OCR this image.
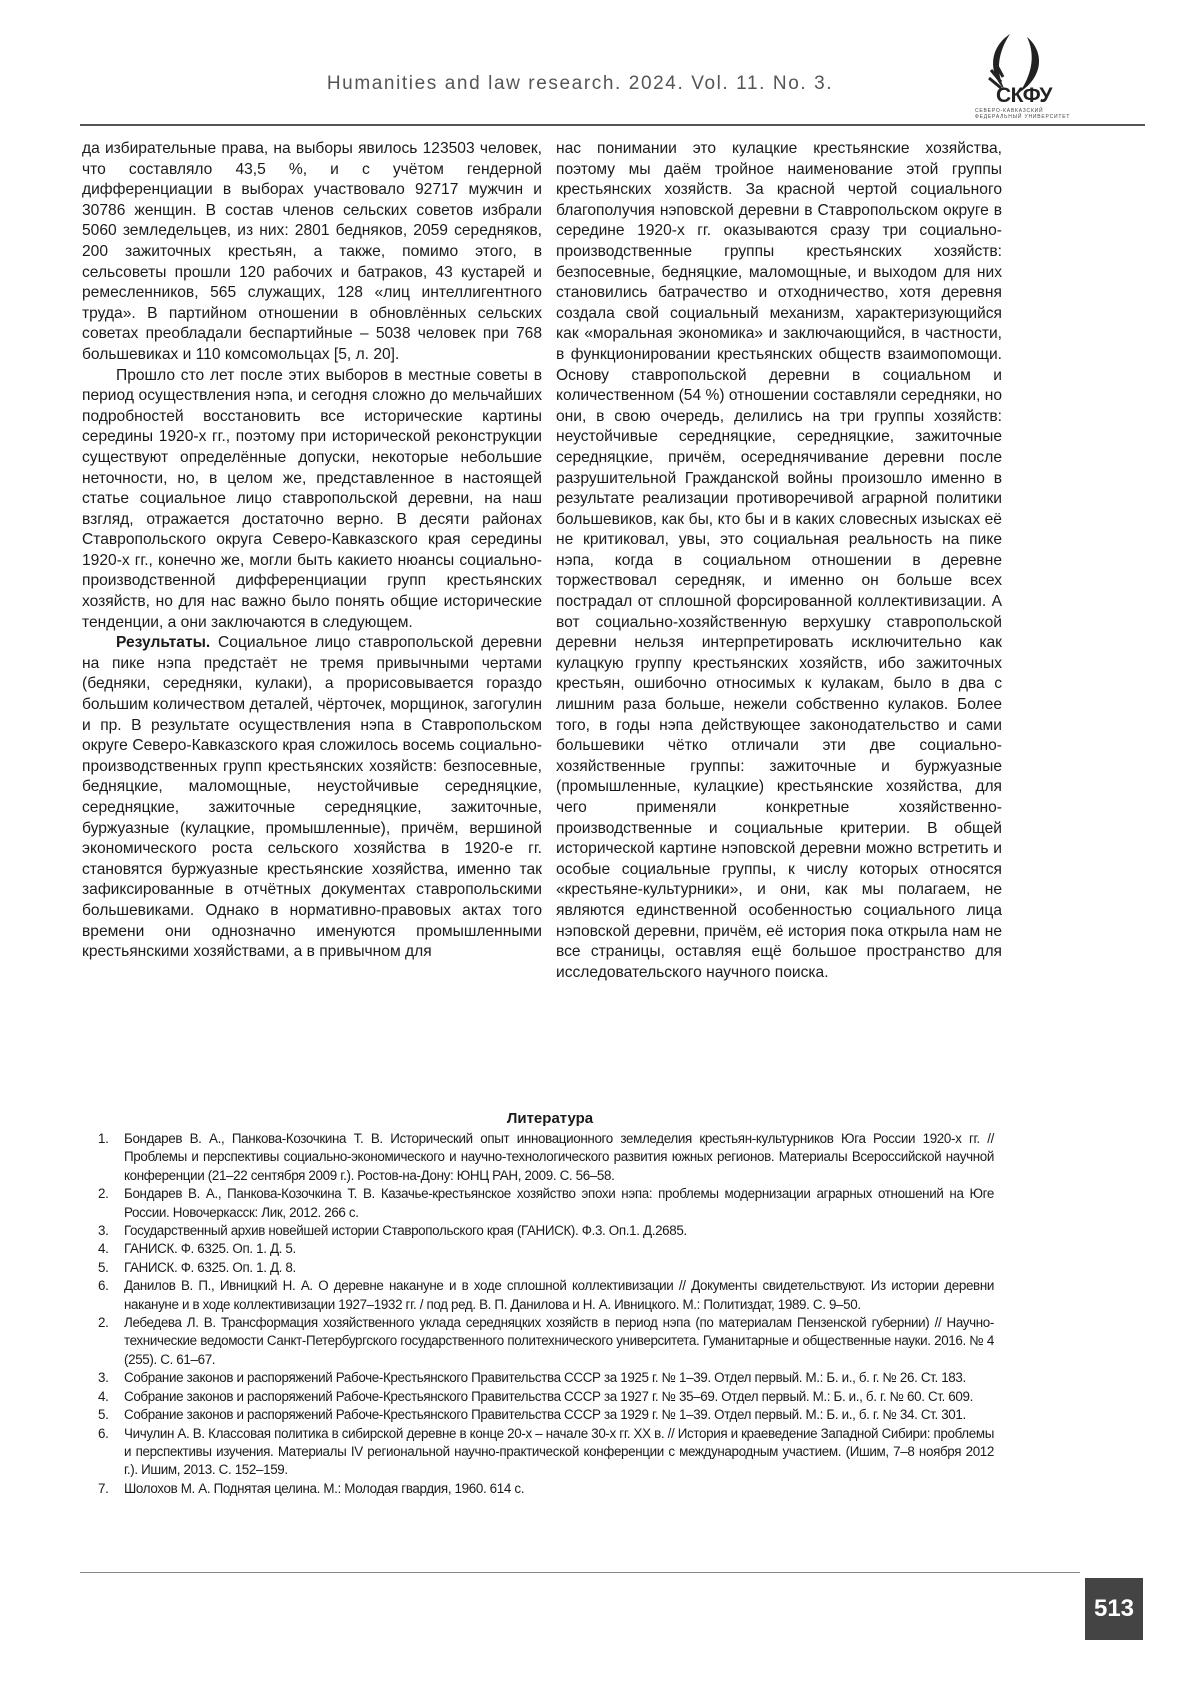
Humanities and law research. 2024. Vol. 11. No. 3.
СКФУ
СЕВЕРО-КАВКАЗСКИЙ ФЕДЕРАЛЬНЫЙ УНИВЕРСИТЕТ

да избирательные права, на выборы явилось 123503 человек, что составляло 43,5 %, и с учётом гендерной дифференциации в выборах участвовало 92717 мужчин и 30786 женщин. В состав членов сельских советов избрали 5060 земледельцев, из них: 2801 бедняков, 2059 середняков, 200 зажиточных крестьян, а также, помимо этого, в сельсоветы прошли 120 рабочих и батраков, 43 кустарей и ремесленников, 565 служащих, 128 «лиц интеллигентного труда». В партийном отношении в обновлённых сельских советах преобладали беспартийные – 5038 человек при 768 большевиках и 110 комсомольцах [5, л. 20].

Прошло сто лет после этих выборов в местные советы в период осуществления нэпа, и сегодня сложно до мельчайших подробностей восстановить все исторические картины середины 1920-х гг., поэтому при исторической реконструкции существуют определённые допуски, некоторые небольшие неточности, но, в целом же, представленное в настоящей статье социальное лицо ставропольской деревни, на наш взгляд, отражается достаточно верно. В десяти районах Ставропольского округа Северо-Кавказского края середины 1920-х гг., конечно же, могли быть какието нюансы социально-производственной дифференциации групп крестьянских хозяйств, но для нас важно было понять общие исторические тенденции, а они заключаются в следующем.

Результаты. Социальное лицо ставропольской деревни на пике нэпа предстаёт не тремя привычными чертами (бедняки, середняки, кулаки), а прорисовывается гораздо большим количеством деталей, чёрточек, морщинок, загогулин и пр. В результате осуществления нэпа в Ставропольском округе Северо-Кавказского края сложилось восемь социально-производственных групп крестьянских хозяйств: безпосевные, бедняцкие, маломощные, неустойчивые середняцкие, середняцкие, зажиточные середняцкие, зажиточные, буржуазные (кулацкие, промышленные), причём, вершиной экономического роста сельского хозяйства в 1920-е гг. становятся буржуазные крестьянские хозяйства, именно так зафиксированные в отчётных документах ставропольскими большевиками. Однако в нормативно-правовых актах того времени они однозначно именуются промышленными крестьянскими хозяйствами, а в привычном для

нас понимании это кулацкие крестьянские хозяйства, поэтому мы даём тройное наименование этой группы крестьянских хозяйств. За красной чертой социального благополучия нэповской деревни в Ставропольском округе в середине 1920-х гг. оказываются сразу три социально-производственные группы крестьянских хозяйств: безпосевные, бедняцкие, маломощные, и выходом для них становились батрачество и отходничество, хотя деревня создала свой социальный механизм, характеризующийся как «моральная экономика» и заключающийся, в частности, в функционировании крестьянских обществ взаимопомощи. Основу ставропольской деревни в социальном и количественном (54 %) отношении составляли середняки, но они, в свою очередь, делились на три группы хозяйств: неустойчивые середняцкие, середняцкие, зажиточные середняцкие, причём, осереднячивание деревни после разрушительной Гражданской войны произошло именно в результате реализации противоречивой аграрной политики большевиков, как бы, кто бы и в каких словесных изысках её не критиковал, увы, это социальная реальность на пике нэпа, когда в социальном отношении в деревне торжествовал середняк, и именно он больше всех пострадал от сплошной форсированной коллективизации. А вот социально-хозяйственную верхушку ставропольской деревни нельзя интерпретировать исключительно как кулацкую группу крестьянских хозяйств, ибо зажиточных крестьян, ошибочно относимых к кулакам, было в два с лишним раза больше, нежели собственно кулаков. Более того, в годы нэпа действующее законодательство и сами большевики чётко отличали эти две социально-хозяйственные группы: зажиточные и буржуазные (промышленные, кулацкие) крестьянские хозяйства, для чего применяли конкретные хозяйственно-производственные и социальные критерии. В общей исторической картине нэповской деревни можно встретить и особые социальные группы, к числу которых относятся «крестьяне-культурники», и они, как мы полагаем, не являются единственной особенностью социального лица нэповской деревни, причём, её история пока открыла нам не все страницы, оставляя ещё большое пространство для исследовательского научного поиска.

Литература
1. Бондарев В. А., Панкова-Козочкина Т. В. Исторический опыт инновационного земледелия крестьян-культурников Юга России 1920-х гг. // Проблемы и перспективы социально-экономического и научно-технологического развития южных регионов. Материалы Всероссийской научной конференции (21–22 сентября 2009 г.). Ростов-на-Дону: ЮНЦ РАН, 2009. С. 56–58.
2. Бондарев В. А., Панкова-Козочкина Т. В. Казачье-крестьянское хозяйство эпохи нэпа: проблемы модернизации аграрных отношений на Юге России. Новочеркасск: Лик, 2012. 266 с.
3. Государственный архив новейшей истории Ставропольского края (ГАНИСК). Ф.3. Оп.1. Д.2685.
4. ГАНИСК. Ф. 6325. Оп. 1. Д. 5.
5. ГАНИСК. Ф. 6325. Оп. 1. Д. 8.
6. Данилов В. П., Ивницкий Н. А. О деревне накануне и в ходе сплошной коллективизации // Документы свидетельствуют. Из истории деревни накануне и в ходе коллективизации 1927–1932 гг. / под ред. В. П. Данилова и Н. А. Ивницкого. М.: Политиздат, 1989. С. 9–50.
2. Лебедева Л. В. Трансформация хозяйственного уклада середняцких хозяйств в период нэпа (по материалам Пензенской губернии) // Научно-технические ведомости Санкт-Петербургского государственного политехнического университета. Гуманитарные и общественные науки. 2016. № 4 (255). С. 61–67.
3. Собрание законов и распоряжений Рабоче-Крестьянского Правительства СССР за 1925 г. № 1–39. Отдел первый. М.: Б. и., б. г. № 26. Ст. 183.
4. Собрание законов и распоряжений Рабоче-Крестьянского Правительства СССР за 1927 г. № 35–69. Отдел первый. М.: Б. и., б. г. № 60. Ст. 609.
5. Собрание законов и распоряжений Рабоче-Крестьянского Правительства СССР за 1929 г. № 1–39. Отдел первый. М.: Б. и., б. г. № 34. Ст. 301.
6. Чичулин А. В. Классовая политика в сибирской деревне в конце 20-х – начале 30-х гг. ХХ в. // История и краеведение Западной Сибири: проблемы и перспективы изучения. Материалы IV региональной научно-практической конференции с международным участием. (Ишим, 7–8 ноября 2012 г.). Ишим, 2013. С. 152–159.
7. Шолохов М. А. Поднятая целина. М.: Молодая гвардия, 1960. 614 с.
513
